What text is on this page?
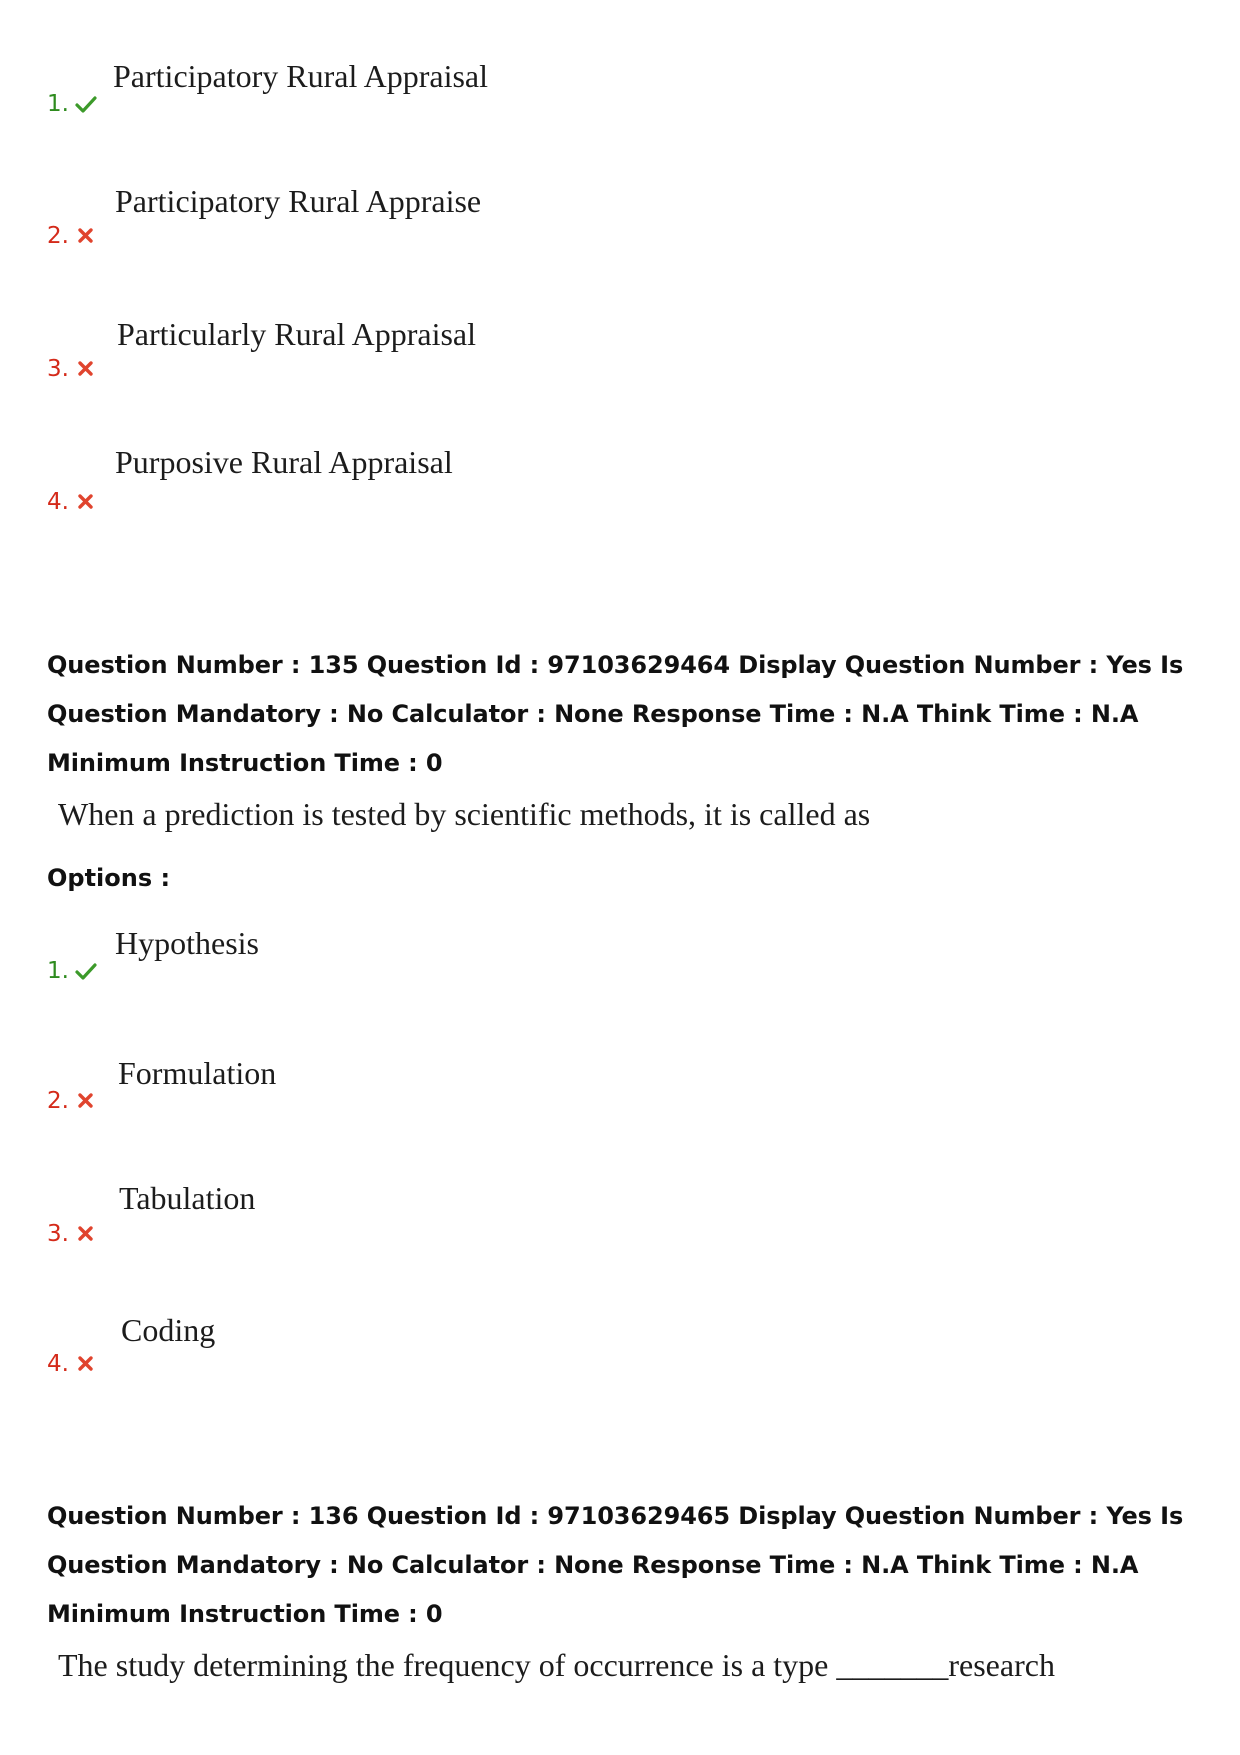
1.
Participatory Rural Appraisal
2.
Participatory Rural Appraise
3.
Particularly Rural Appraisal
4.
Purposive Rural Appraisal
Question Number : 135 Question Id : 97103629464 Display Question Number : Yes Is Question Mandatory : No Calculator : None Response Time : N.A Think Time : N.A Minimum Instruction Time : 0
When a prediction is tested by scientific methods, it is called as
Options :
1.
Hypothesis
2.
Formulation
3.
Tabulation
4.
Coding
Question Number : 136 Question Id : 97103629465 Display Question Number : Yes Is Question Mandatory : No Calculator : None Response Time : N.A Think Time : N.A Minimum Instruction Time : 0
The study determining the frequency of occurrence is a type _______research
